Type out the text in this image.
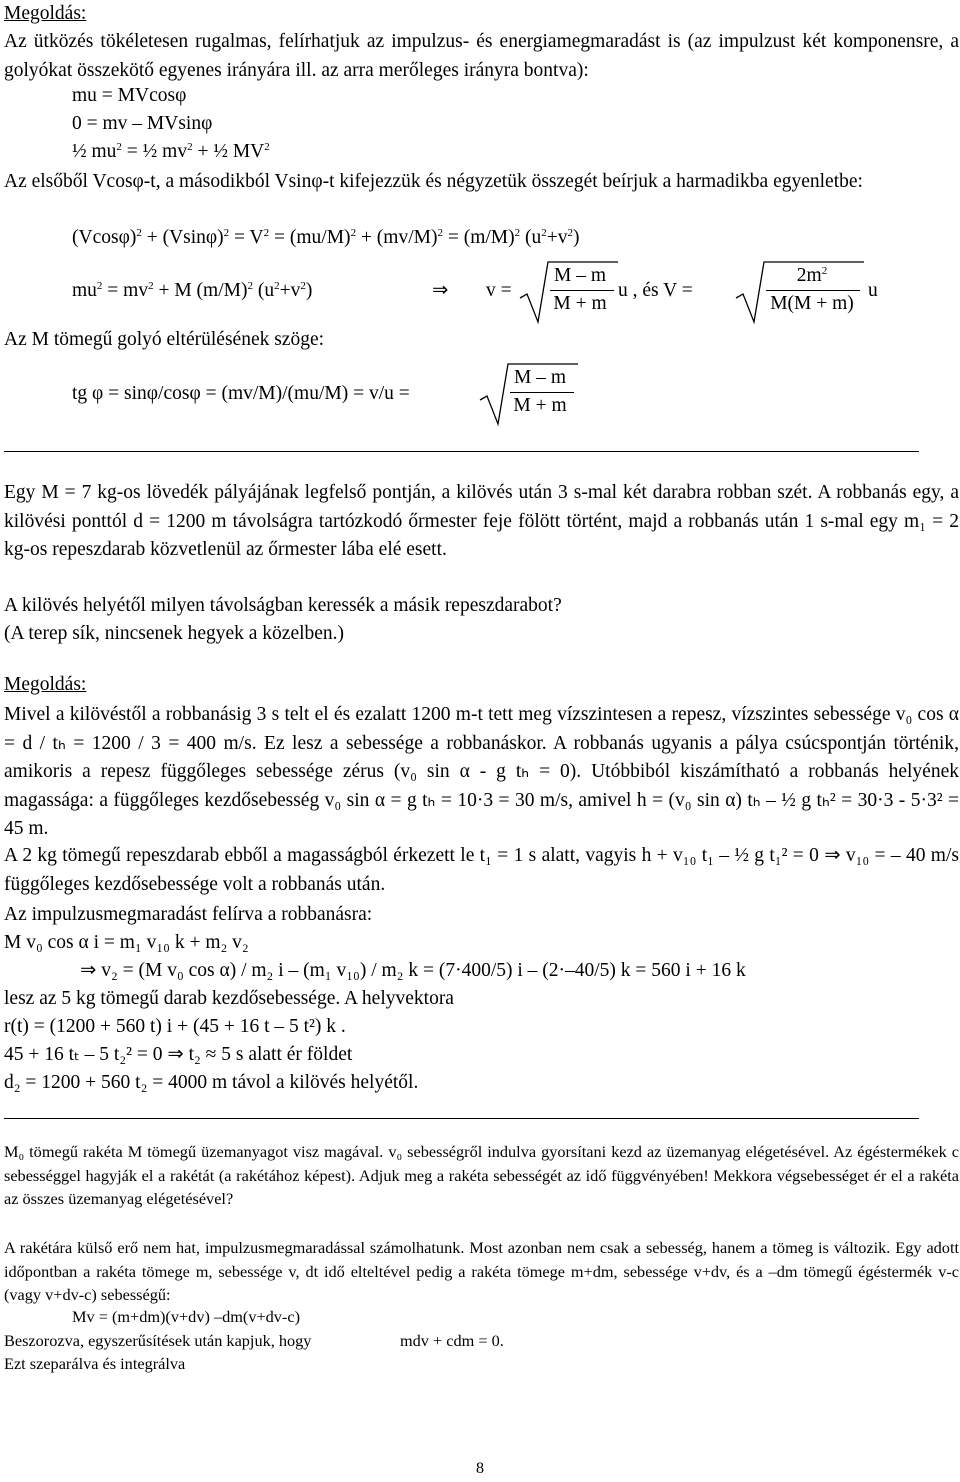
Megoldás:
Az ütközés tökéletesen rugalmas, felírhatjuk az impulzus- és energiamegmaradást is (az impulzust két komponensre, a golyókat összekötő egyenes irányára ill. az arra merőleges irányra bontva):
mu = MVcosφ
0 = mv – MVsinφ
½ $mu^2$ = ½ $mv^2$ + ½ $MV^2$
Az elsőből Vcosφ-t, a másodikból Vsinφ-t kifejezzük és négyzetük összegét beírjuk a harmadikba egyenletbe:
$(Vcos\varphi)^2 + (Vsin\varphi)^2 = V^2 = (mu/M)^2 + (mv/M)^2 = (m/M)^2$ $(u^2+v^2)$
$mu^2 = mv^2 + M$ $(m/M)^2$ $(u^2+v^2)$	⇒ v =
M – m
M + m
u , és V =
$2m^2$
M(M + m)
u
Az M tömegű golyó eltérülésének szöge:
tg φ = sinφ/cosφ = (mv/M)/(mu/M) = v/u =
M – m
M + m
Egy M = 7 kg-os lövedék pályájának legfelső pontján, a kilövés után 3 s-mal két darabra robban szét. A robbanás egy, a kilövési ponttól d = 1200 m távolságra tartózkodó őrmester feje fölött történt, majd a robbanás után 1 s-mal egy m₁ = 2 kg-os repeszdarab közvetlenül az őrmester lába elé esett.
A kilövés helyétől milyen távolságban keressék a másik repeszdarabot?
(A terep sík, nincsenek hegyek a közelben.)
Megoldás:
Mivel a kilövéstől a robbanásig 3 s telt el és ezalatt 1200 m-t tett meg vízszintesen a repesz, vízszintes sebessége v₀ cos α = d / tₕ = 1200 / 3 = 400 m/s. Ez lesz a sebessége a robbanáskor. A robbanás ugyanis a pálya csúcspontján történik, amikoris a repesz függőleges sebessége zérus (v₀ sin α - g tₕ = 0). Utóbbiból kiszámítható a robbanás helyének magassága: a függőleges kezdősebesség v₀ sin α = g tₕ = 10·3 = 30 m/s, amivel h = (v₀ sin α) tₕ – ½ g tₕ² = 30·3 - 5·3² = 45 m.
A 2 kg tömegű repeszdarab ebből a magasságból érkezett le t₁ = 1 s alatt, vagyis h + v₁₀ t₁ – ½ g t₁² = 0 ⇒ v₁₀ = – 40 m/s függőleges kezdősebessége volt a robbanás után.
Az impulzusmegmaradást felírva a robbanásra:
M v₀ cos α i = m₁ v₁₀ k + m₂ v₂
⇒ v₂ = (M v₀ cos α) / m₂ i – (m₁ v₁₀) / m₂ k = (7·400/5) i – (2·–40/5) k = 560 i + 16 k
lesz az 5 kg tömegű darab kezdősebessége. A helyvektora
r(t) = (1200 + 560 t) i + (45 + 16 t – 5 t²) k .
45 + 16 tₜ – 5 t₂² = 0 ⇒ t₂ ≈ 5 s alatt ér földet
d₂ = 1200 + 560 t₂ = 4000 m távol a kilövés helyétől.
M₀ tömegű rakéta M tömegű üzemanyagot visz magával. v₀ sebességről indulva gyorsítani kezd az üzemanyag elégetésével. Az égéstermékek c sebességgel hagyják el a rakétát (a rakétához képest). Adjuk meg a rakéta sebességét az idő függvényében! Mekkora végsebességet ér el a rakéta az összes üzemanyag elégetésével?
A rakétára külső erő nem hat, impulzusmegmaradással számolhatunk. Most azonban nem csak a sebesség, hanem a tömeg is változik. Egy adott időpontban a rakéta tömege m, sebessége v, dt idő elteltével pedig a rakéta tömege m+dm, sebessége v+dv, és a –dm tömegű égéstermék v-c (vagy v+dv-c) sebességű:
Mv = (m+dm)(v+dv) –dm(v+dv-c)
Beszorozva, egyszerűsítések után kapjuk, hogy	mdv + cdm = 0.
Ezt szeparálva és integrálva
8
